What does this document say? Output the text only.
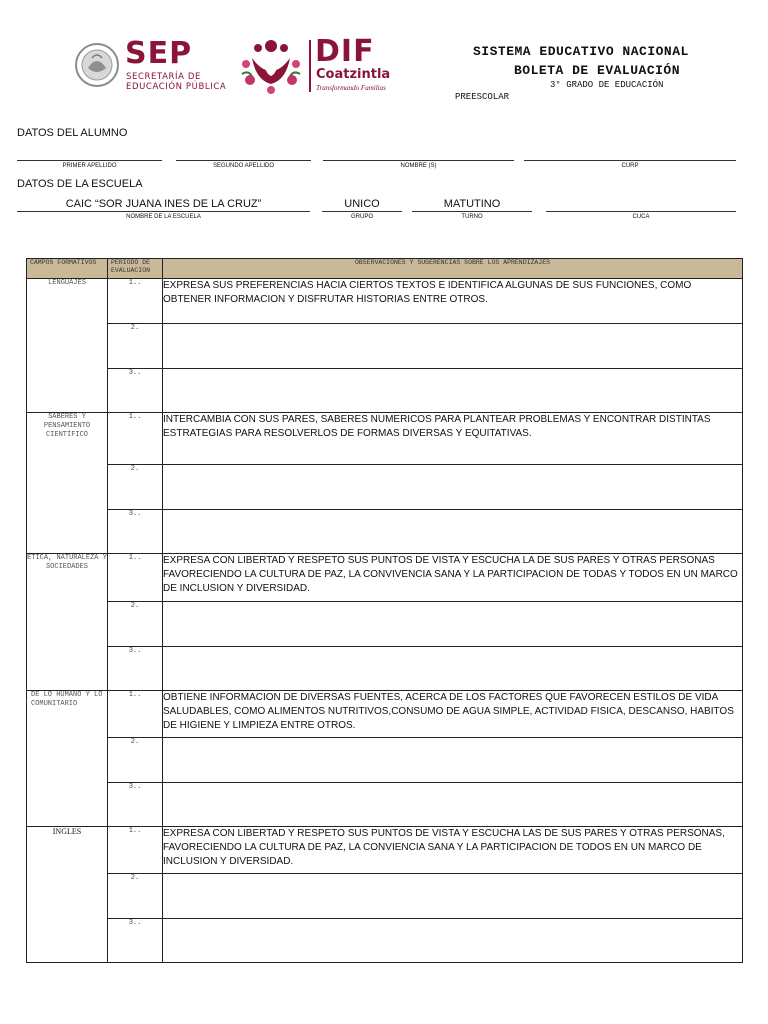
SEP
SECRETARÍA DE
EDUCACIÓN PÚBLICA
DIF
Coatzintla
Transformando Familias
SISTEMA EDUCATIVO NACIONAL
BOLETA DE EVALUACIÓN
3° GRADO DE EDUCACIÓN
PREESCOLAR
DATOS DEL ALUMNO
PRIMER APELLIDO	SEGUNDO APELLIDO	NOMBRE (S)	CURP
DATOS DE LA ESCUELA
CAIC “SOR JUANA INES DE LA CRUZ”	UNICO	MATUTINO
NOMBRE DE LA ESCUELA	GRUPO	TURNO	CUCA
CAMPOS FORMATIVOS	PERIODO DE EVALUACION	OBSERVACIONES Y SUGERENCIAS SOBRE LOS APRENDIZAJES
LENGUAJES	1..	EXPRESA SUS PREFERENCIAS HACIA CIERTOS TEXTOS E IDENTIFICA ALGUNAS DE SUS FUNCIONES, COMO OBTENER INFORMACION Y DISFRUTAR HISTORIAS ENTRE OTROS.
	2.	
	3..	
SABERES Y PENSAMIENTO CIENTÍFICO	1..	INTERCAMBIA CON SUS PARES, SABERES NUMERICOS PARA PLANTEAR PROBLEMAS Y ENCONTRAR DISTINTAS ESTRATEGIAS PARA RESOLVERLOS DE FORMAS DIVERSAS Y EQUITATIVAS.
	2.	
	3..	
ÉTICA, NATURALEZA Y SOCIEDADES	1..	EXPRESA CON LIBERTAD Y RESPETO SUS PUNTOS DE VISTA Y ESCUCHA LA DE SUS PARES Y OTRAS PERSONAS FAVORECIENDO LA CULTURA DE PAZ, LA CONVIVENCIA SANA Y LA PARTICIPACION DE TODAS Y TODOS EN UN MARCO DE INCLUSION Y DIVERSIDAD.
	2.	
	3..	
DE LO HUMANO Y LO COMUNITARIO	1..	OBTIENE INFORMACION DE DIVERSAS FUENTES, ACERCA DE LOS FACTORES QUE FAVORECEN ESTILOS DE VIDA SALUDABLES, COMO ALIMENTOS NUTRITIVOS,CONSUMO DE AGUA SIMPLE, ACTIVIDAD FISICA, DESCANSO, HABITOS DE HIGIENE Y LIMPIEZA ENTRE OTROS.
	2.	
	3..	
INGLES	1..	EXPRESA CON LIBERTAD Y RESPETO SUS PUNTOS DE VISTA Y ESCUCHA LAS DE SUS PARES Y OTRAS PERSONAS, FAVORECIENDO LA CULTURA DE PAZ, LA CONVIENCIA SANA Y LA PARTICIPACION DE TODOS EN UN MARCO DE INCLUSION Y DIVERSIDAD.
	2.	
	3..	
